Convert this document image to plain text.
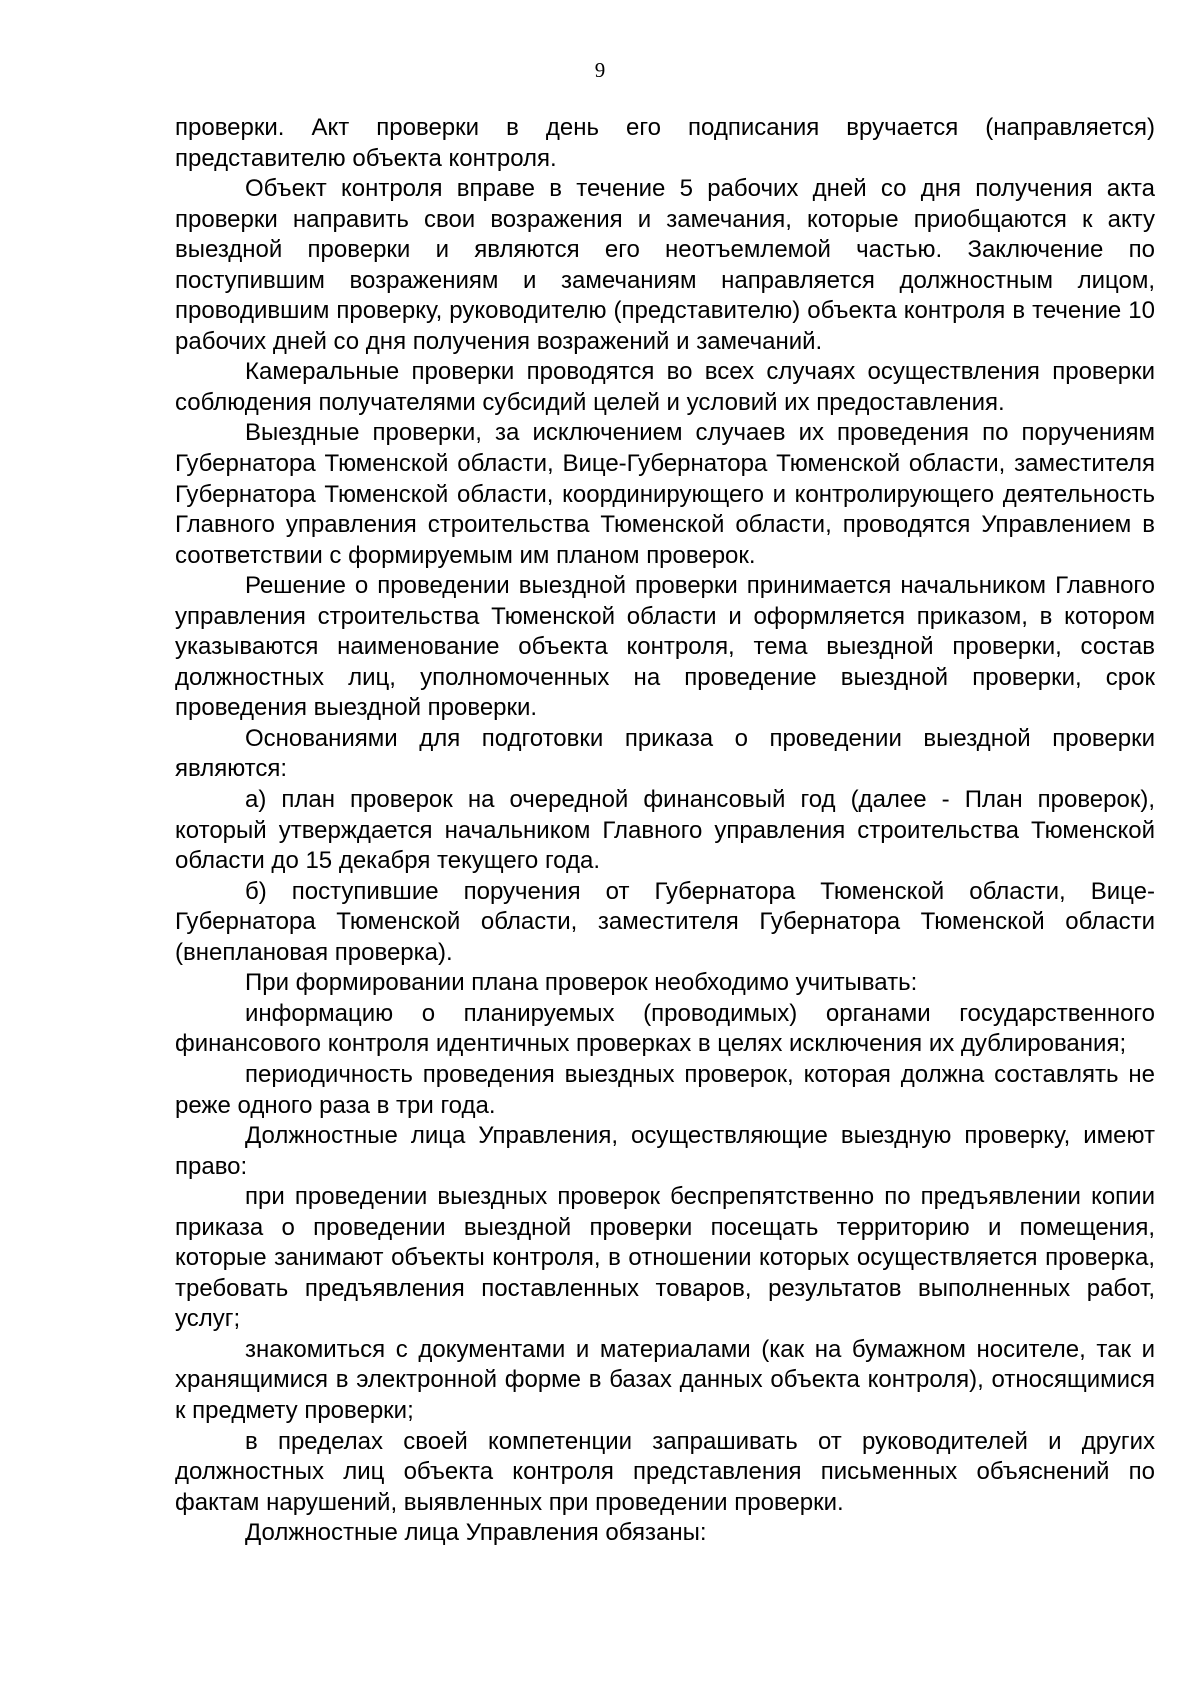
9

проверки. Акт проверки в день его подписания вручается (направляется) представителю объекта контроля.

Объект контроля вправе в течение 5 рабочих дней со дня получения акта проверки направить свои возражения и замечания, которые приобщаются к акту выездной проверки и являются его неотъемлемой частью. Заключение по поступившим возражениям и замечаниям направляется должностным лицом, проводившим проверку, руководителю (представителю) объекта контроля в течение 10 рабочих дней со дня получения возражений и замечаний.

Камеральные проверки проводятся во всех случаях осуществления проверки соблюдения получателями субсидий целей и условий их предоставления.

Выездные проверки, за исключением случаев их проведения по поручениям Губернатора Тюменской области, Вице-Губернатора Тюменской области, заместителя Губернатора Тюменской области, координирующего и контролирующего деятельность Главного управления строительства Тюменской области, проводятся Управлением в соответствии с формируемым им планом проверок.

Решение о проведении выездной проверки принимается начальником Главного управления строительства Тюменской области и оформляется приказом, в котором указываются наименование объекта контроля, тема выездной проверки, состав должностных лиц, уполномоченных на проведение выездной проверки, срок проведения выездной проверки.

Основаниями для подготовки приказа о проведении выездной проверки являются:

а) план проверок на очередной финансовый год (далее - План проверок), который утверждается начальником Главного управления строительства Тюменской области до 15 декабря текущего года.

б) поступившие поручения от Губернатора Тюменской области, Вице-Губернатора Тюменской области, заместителя Губернатора Тюменской области (внеплановая проверка).

При формировании плана проверок необходимо учитывать:

информацию о планируемых (проводимых) органами государственного финансового контроля идентичных проверках в целях исключения их дублирования;

периодичность проведения выездных проверок, которая должна составлять не реже одного раза в три года.

Должностные лица Управления, осуществляющие выездную проверку, имеют право:

при проведении выездных проверок беспрепятственно по предъявлении копии приказа о проведении выездной проверки посещать территорию и помещения, которые занимают объекты контроля, в отношении которых осуществляется проверка, требовать предъявления поставленных товаров, результатов выполненных работ, услуг;

знакомиться с документами и материалами (как на бумажном носителе, так и хранящимися в электронной форме в базах данных объекта контроля), относящимися к предмету проверки;

в пределах своей компетенции запрашивать от руководителей и других должностных лиц объекта контроля представления письменных объяснений по фактам нарушений, выявленных при проведении проверки.

Должностные лица Управления обязаны:
